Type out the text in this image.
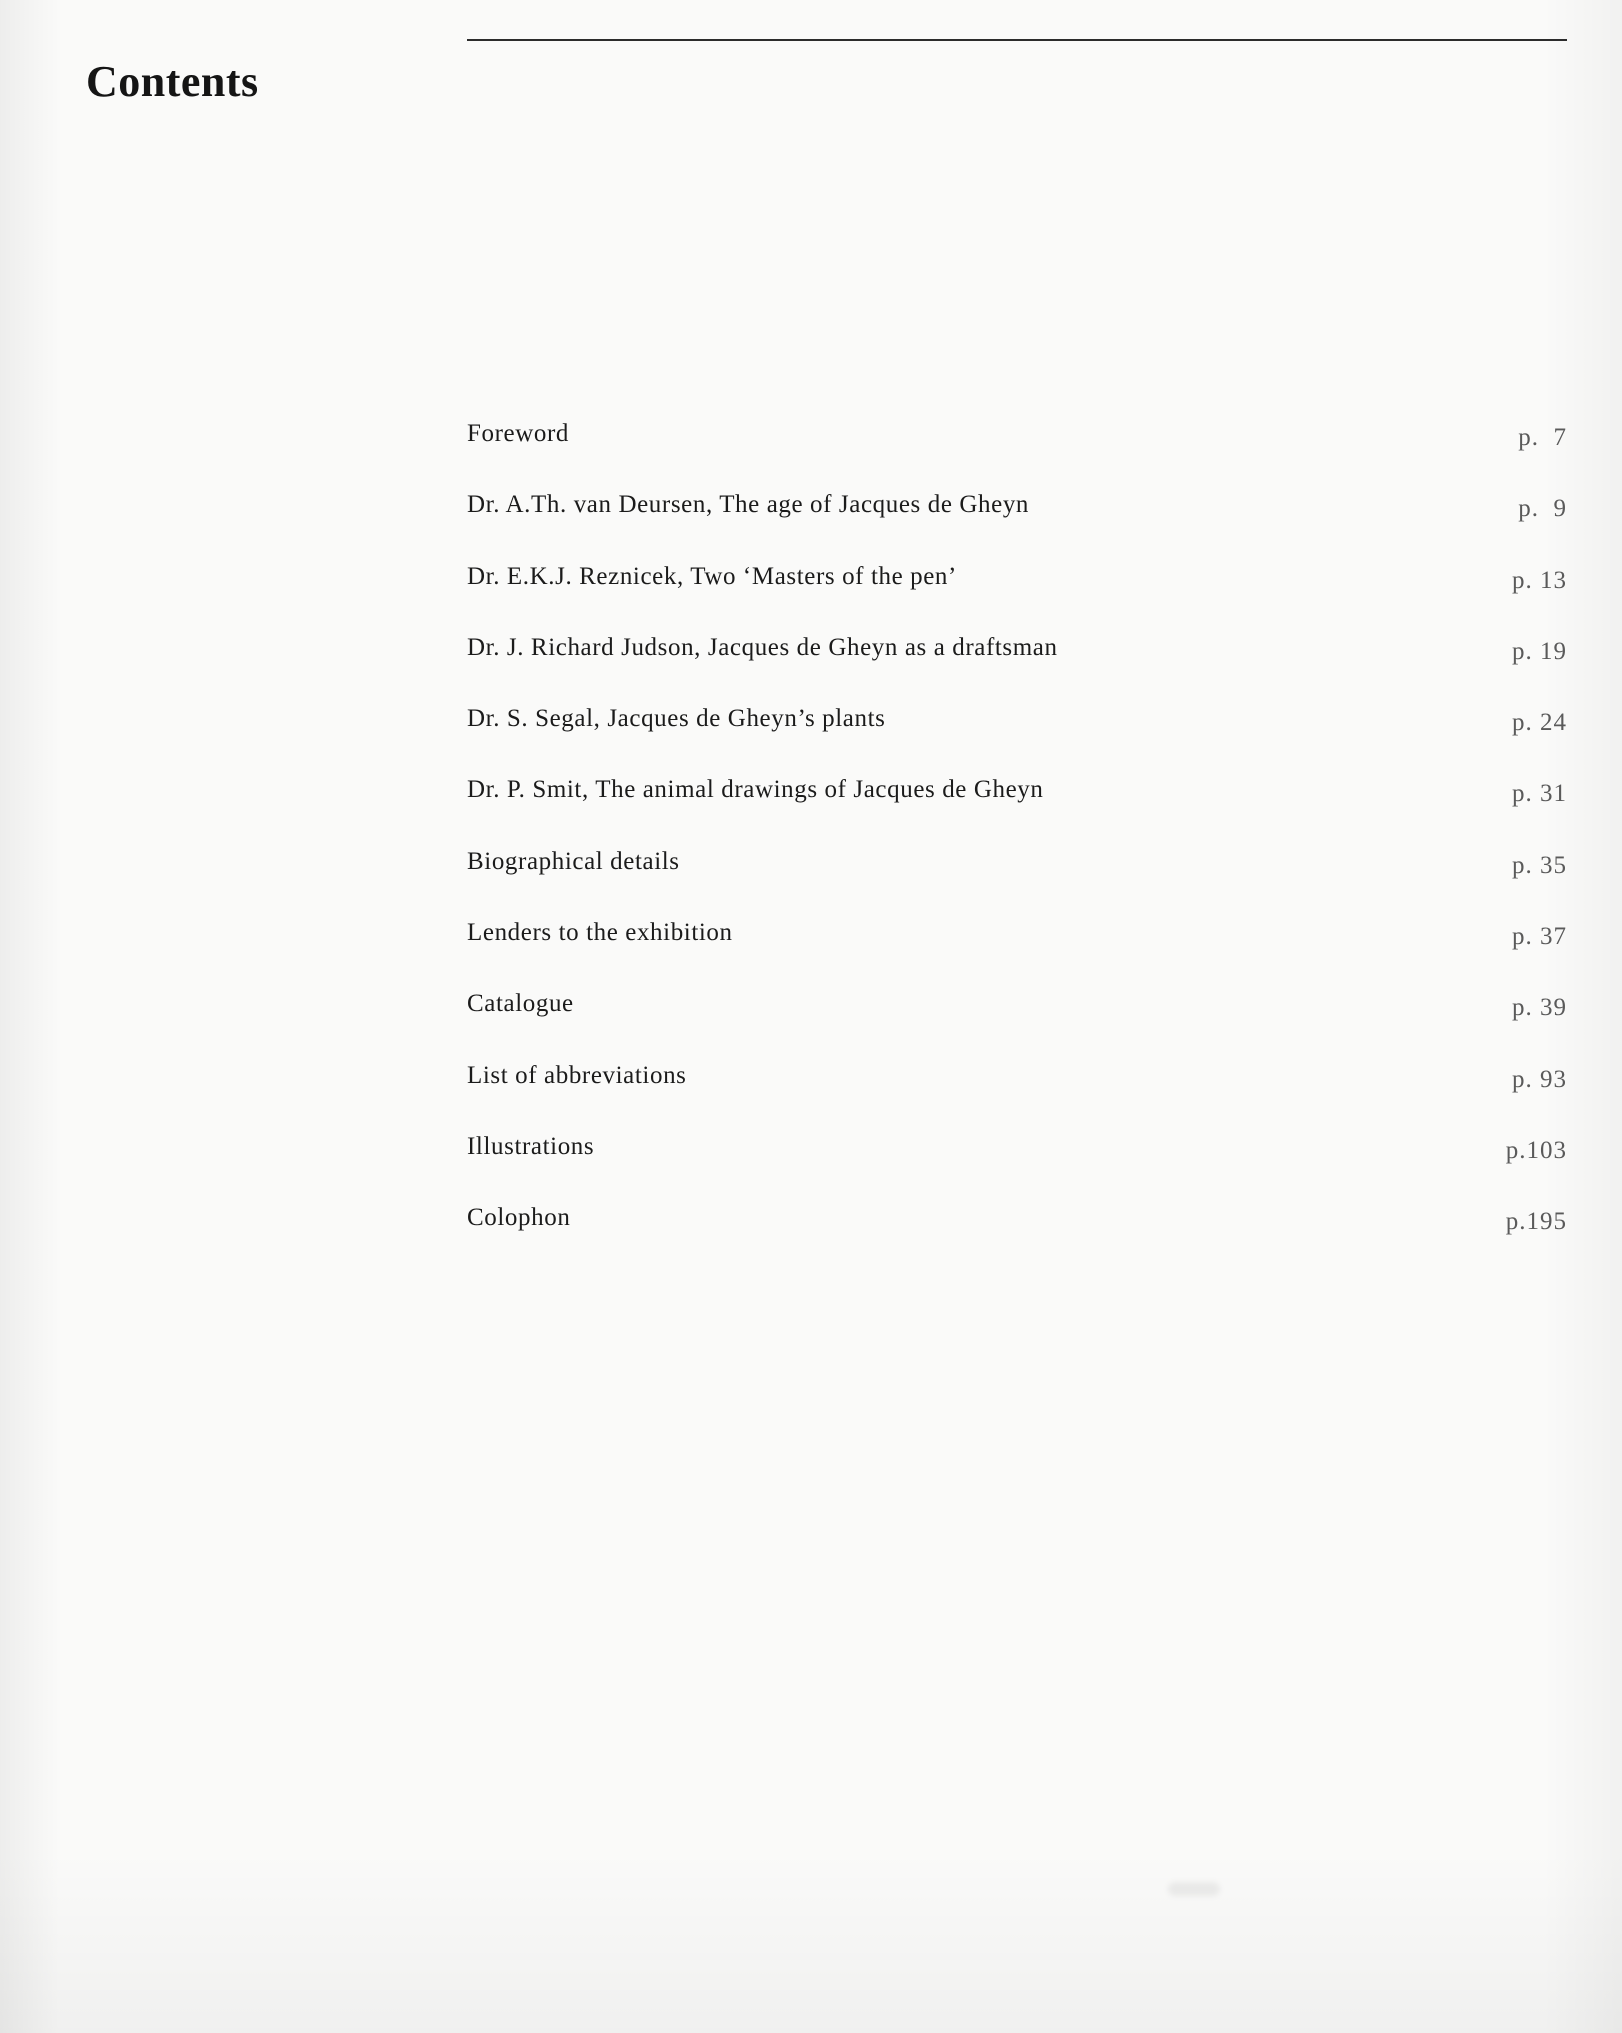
Contents
Foreword	p.  7
Dr. A.Th. van Deursen, The age of Jacques de Gheyn	p.  9
Dr. E.K.J. Reznicek, Two ‘Masters of the pen’	p. 13
Dr. J. Richard Judson, Jacques de Gheyn as a draftsman	p. 19
Dr. S. Segal, Jacques de Gheyn’s plants	p. 24
Dr. P. Smit, The animal drawings of Jacques de Gheyn	p. 31
Biographical details	p. 35
Lenders to the exhibition	p. 37
Catalogue	p. 39
List of abbreviations	p. 93
Illustrations	p.103
Colophon	p.195
